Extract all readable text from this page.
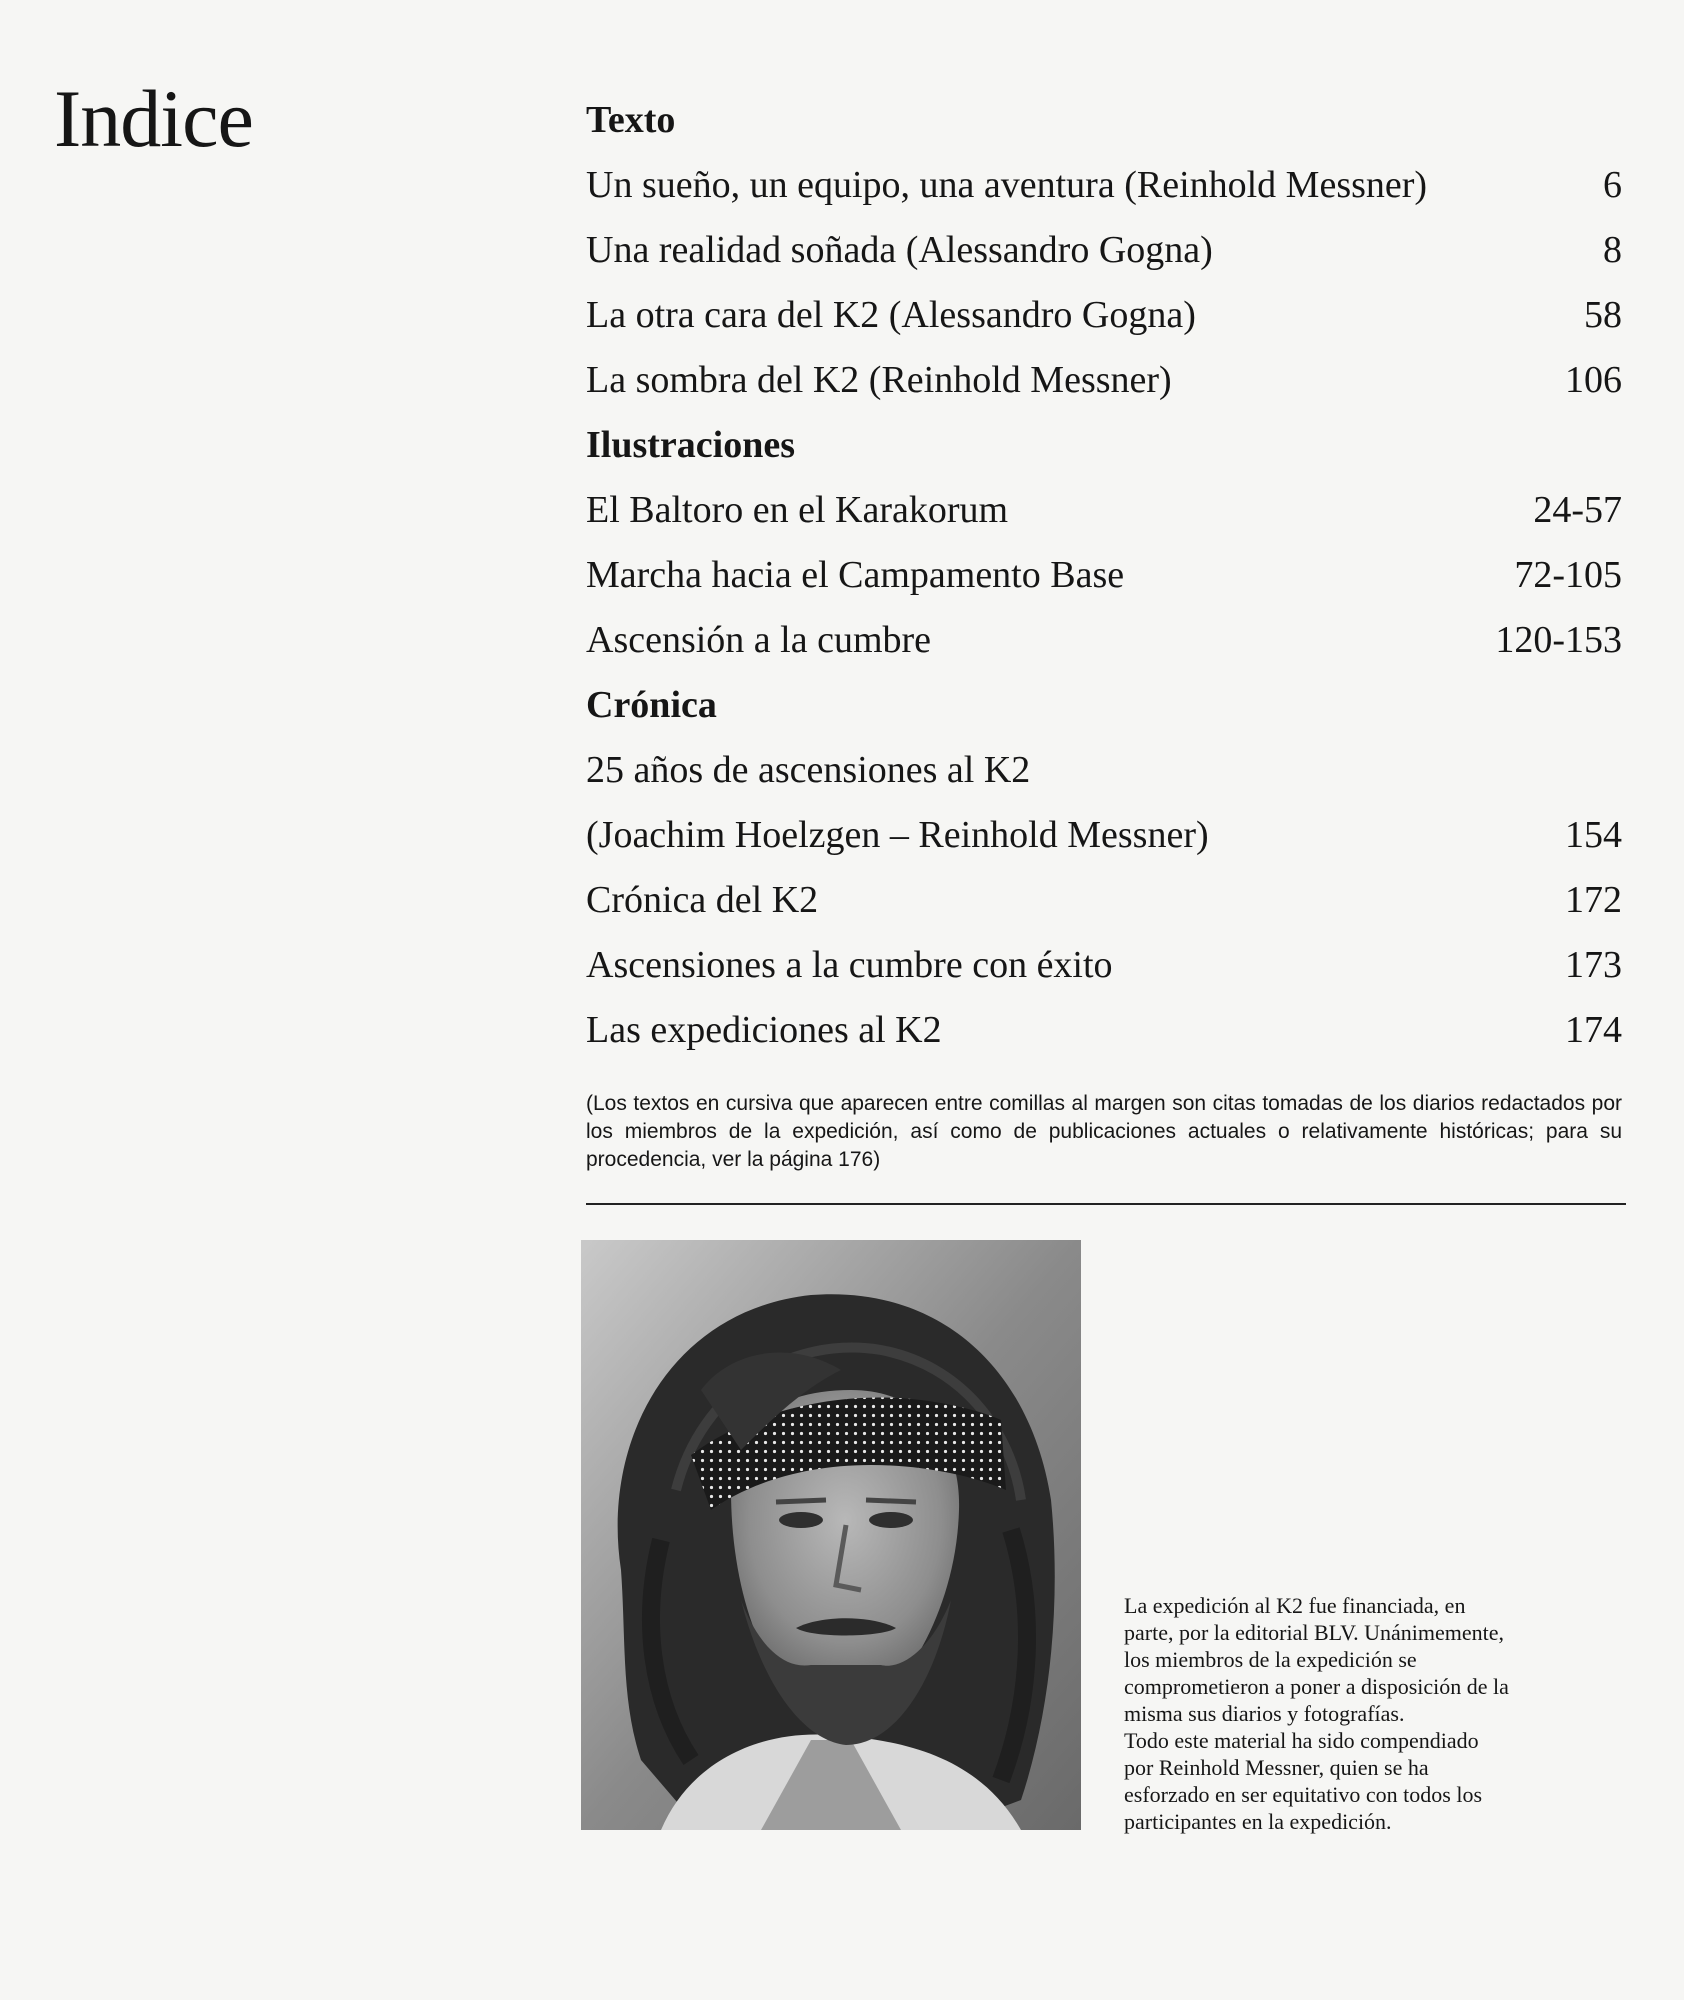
Indice	Texto
Un sueño, un equipo, una aventura (Reinhold Messner)	6
Una realidad soñada (Alessandro Gogna)	8
La otra cara del K2 (Alessandro Gogna)	58
La sombra del K2 (Reinhold Messner)	106
Ilustraciones
El Baltoro en el Karakorum	24-57
Marcha hacia el Campamento Base	72-105
Ascensión a la cumbre	120-153
Crónica
25 años de ascensiones al K2
(Joachim Hoelzgen – Reinhold Messner)	154
Crónica del K2	172
Ascensiones a la cumbre con éxito	173
Las expediciones al K2	174

(Los textos en cursiva que aparecen entre comillas al margen son citas tomadas de los diarios redactados por los miembros de la expedición, así como de publicaciones actuales o relativamente históricas; para su procedencia, ver la página 176)

La expedición al K2 fue financiada, en
parte, por la editorial BLV. Unánimemente,
los miembros de la expedición se
comprometieron a poner a disposición de la
misma sus diarios y fotografías.
Todo este material ha sido compendiado
por Reinhold Messner, quien se ha
esforzado en ser equitativo con todos los
participantes en la expedición.
